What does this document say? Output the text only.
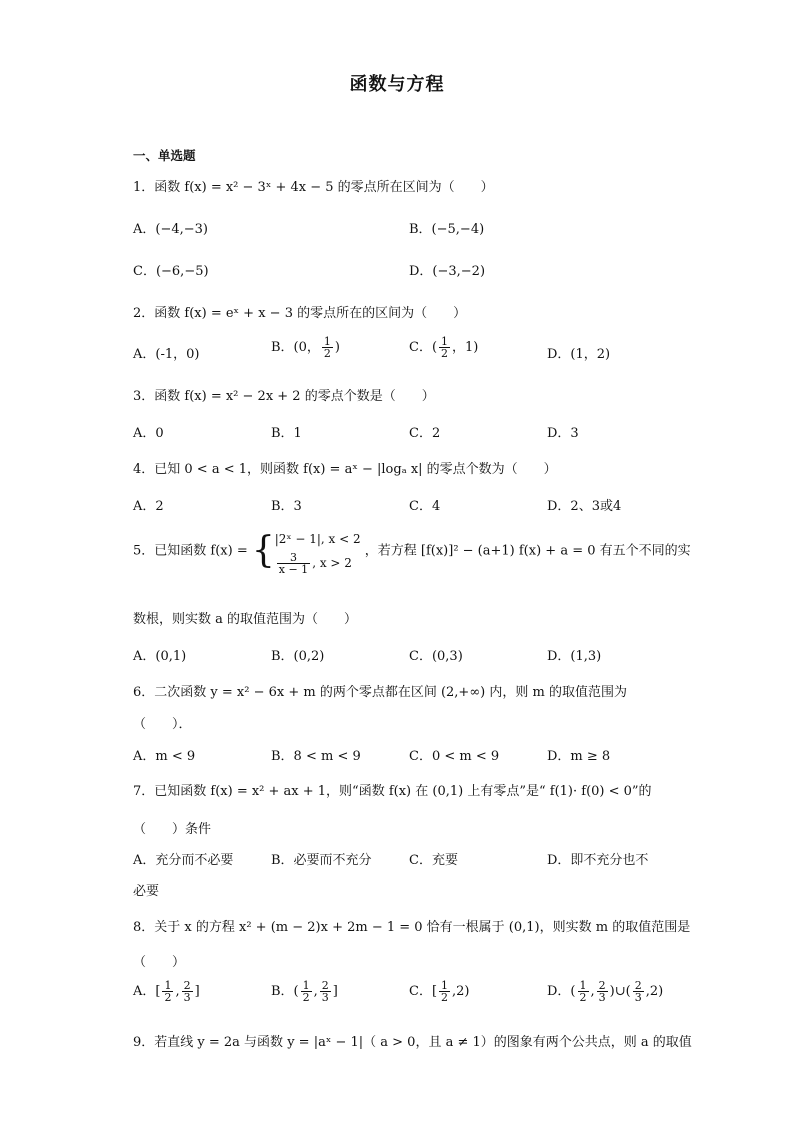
函数与方程
一、单选题
1．函数 f(x) = x² − 3ˣ + 4x − 5 的零点所在区间为（　　）
A．(−4,−3)	B．(−5,−4)
C．(−6,−5)	D．(−3,−2)
2．函数 f(x) = eˣ + x − 3 的零点所在的区间为（　　）
A．(-1，0)	B．(0， $\frac{1}{2}$ )	C．( $\frac{1}{2}$ ，1)	D．(1，2)
3．函数 f(x) = x² − 2x + 2 的零点个数是（　　）
A．0	B．1	C．2	D．3
4．已知 0 < a < 1，则函数 f(x) = aˣ − |logₐ x| 的零点个数为（　　）
A．2	B．3	C．4	D．2、3或4
5．已知函数 f(x) = { |2ˣ − 1|, x < 2
$\frac{3}{x - 1}$ , x > 2
，若方程 [f(x)]² − (a+1) f(x) + a = 0 有五个不同的实
数根，则实数 a 的取值范围为（　　）
A．(0,1)	B．(0,2)	C．(0,3)	D．(1,3)
6．二次函数 y = x² − 6x + m 的两个零点都在区间 (2,+∞) 内，则 m 的取值范围为
（　　）．
A．m < 9	B．8 < m < 9	C．0 < m < 9	D．m ≥ 8
7．已知函数 f(x) = x² + ax + 1，则“函数 f(x) 在 (0,1) 上有零点”是“ f(1)· f(0) < 0”的
（　　）条件
A．充分而不必要	B．必要而不充分	C．充要	D．即不充分也不
必要
8．关于 x 的方程 x² + (m − 2)x + 2m − 1 = 0 恰有一根属于 (0,1)，则实数 m 的取值范围是
（　　）
A．[ $\frac{1}{2}$ , $\frac{2}{3}$ ]	B．( $\frac{1}{2}$ , $\frac{2}{3}$ ]	C．[ $\frac{1}{2} ,2$)	D．( $\frac{1}{2}$ , $\frac{2}{3}$ )∪( $\frac{2}{3} ,2$)
9．若直线 y = 2a 与函数 y = |aˣ − 1|（ a > 0，且 a ≠ 1）的图象有两个公共点，则 a 的取值
